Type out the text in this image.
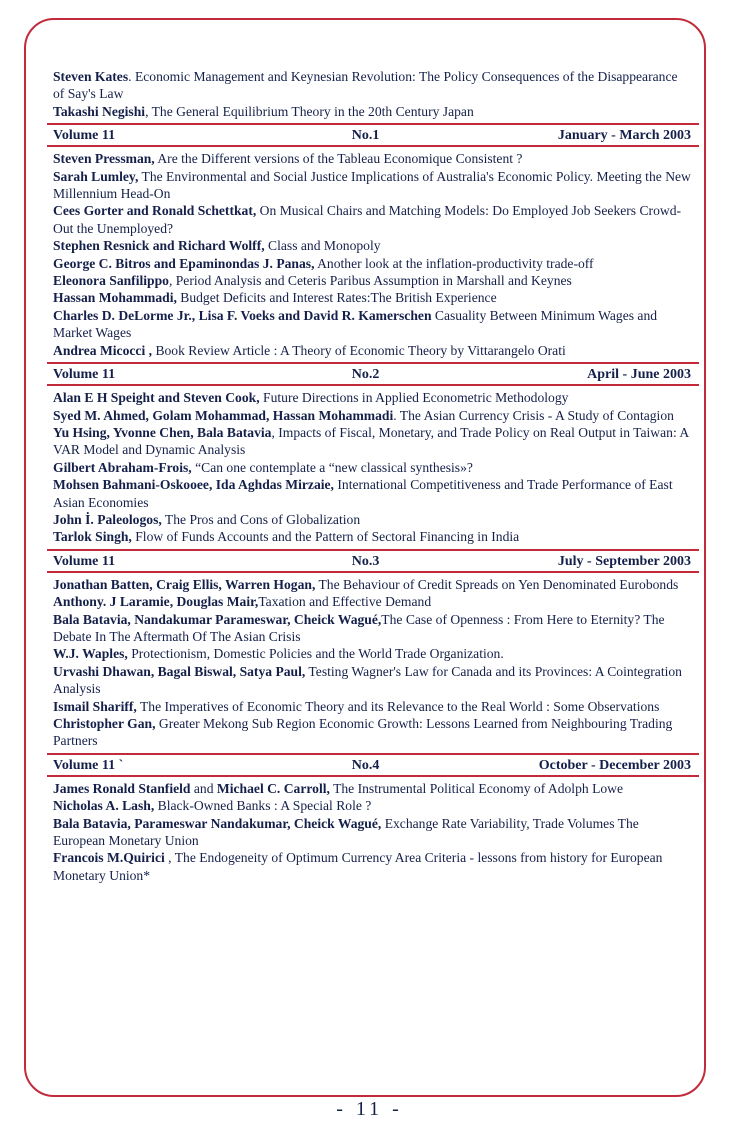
Steven Kates. Economic Management and Keynesian Revolution: The Policy Consequences of the Disappearance of Say's Law

Takashi Negishi, The General Equilibrium Theory in the 20th Century Japan

Volume 11	No.1	January - March 2003

Steven Pressman, Are the Different versions of the Tableau Economique Consistent ?

Sarah Lumley, The Environmental and Social Justice Implications of Australia's Economic Policy. Meeting the New Millennium Head-On

Cees Gorter and Ronald Schettkat, On Musical Chairs and Matching Models: Do Employed Job Seekers Crowd-Out the Unemployed?

Stephen Resnick and Richard Wolff, Class and Monopoly

George C. Bitros and Epaminondas J. Panas, Another look at the inflation-productivity trade-off

Eleonora Sanfilippo, Period Analysis and Ceteris Paribus Assumption in Marshall and Keynes

Hassan Mohammadi, Budget Deficits and Interest Rates:The British Experience

Charles D. DeLorme Jr., Lisa F. Voeks and David R. Kamerschen Casuality Between Minimum Wages and Market Wages

Andrea Micocci , Book Review Article : A Theory of Economic Theory by Vittarangelo Orati

Volume 11	No.2	April - June 2003

Alan E H Speight and Steven Cook, Future Directions in Applied Econometric Methodology

Syed M. Ahmed, Golam Mohammad, Hassan Mohammadi. The Asian Currency Crisis - A Study of Contagion

Yu Hsing, Yvonne Chen, Bala Batavia, Impacts of Fiscal, Monetary, and Trade Policy on Real Output in Taiwan: A VAR Model and Dynamic Analysis

Gilbert Abraham-Frois, “Can one contemplate a “new classical synthesis»?

Mohsen Bahmani-Oskooee, Ida Aghdas Mirzaie, International Competitiveness and Trade Performance of East Asian Economies

John İ. Paleologos, The Pros and Cons of Globalization

Tarlok Singh, Flow of Funds Accounts and the Pattern of Sectoral Financing in India

Volume 11	No.3	July - September 2003

Jonathan Batten, Craig Ellis, Warren Hogan, The Behaviour of Credit Spreads on Yen Denominated Eurobonds

Anthony. J Laramie, Douglas Mair,Taxation and Effective Demand

Bala Batavia, Nandakumar Parameswar, Cheick Wagué,The Case of Openness : From Here to Eternity? The Debate In The Aftermath Of The Asian Crisis

W.J. Waples, Protectionism, Domestic Policies and the World Trade Organization.

Urvashi Dhawan, Bagal Biswal, Satya Paul, Testing Wagner's Law for Canada and its Provinces: A Cointegration Analysis

Ismail Shariff, The Imperatives of Economic Theory and its Relevance to the Real World : Some Observations

Christopher Gan, Greater Mekong Sub Region Economic Growth: Lessons Learned from Neighbouring Trading Partners

Volume 11 `	No.4	October - December 2003

James Ronald Stanfield and Michael C. Carroll, The Instrumental Political Economy of Adolph Lowe

Nicholas A. Lash, Black-Owned Banks : A Special Role ?

Bala Batavia, Parameswar Nandakumar, Cheick Wagué, Exchange Rate Variability, Trade Volumes The European Monetary Union

Francois M.Quirici , The Endogeneity of Optimum Currency Area Criteria - lessons from history for European Monetary Union*

- 11 -
